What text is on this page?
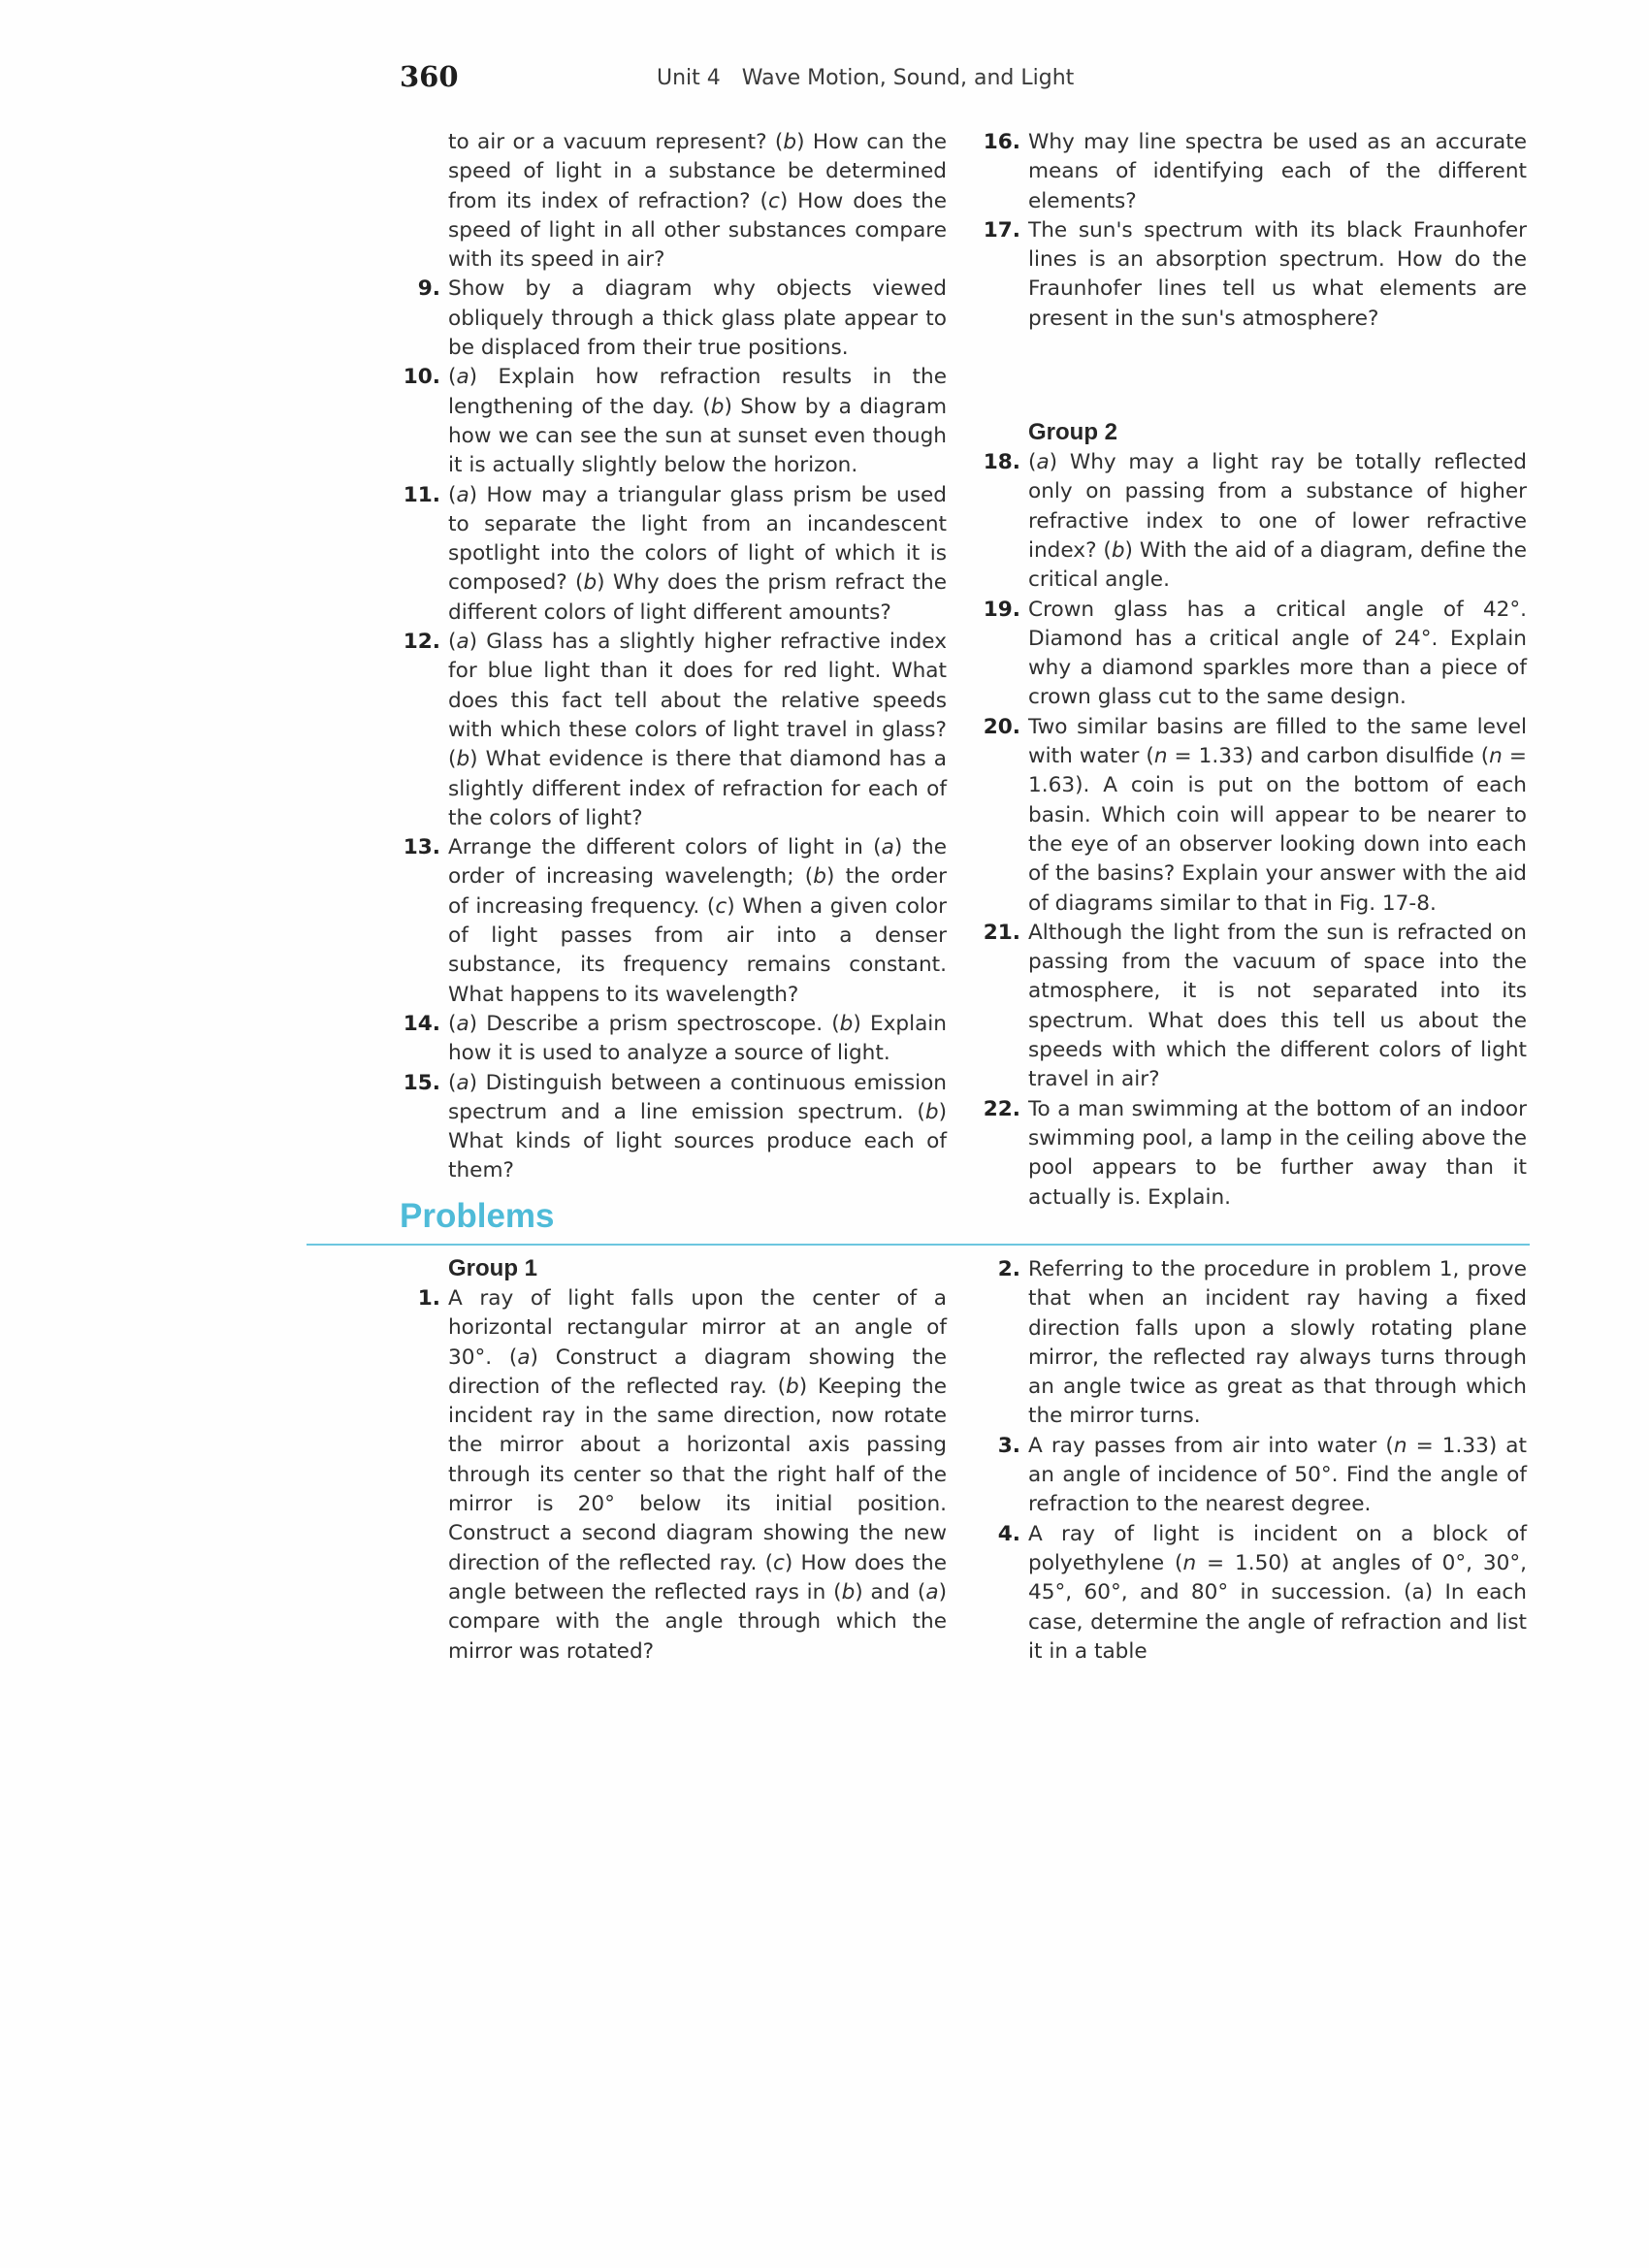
360	Unit 4 Wave Motion, Sound, and Light
to air or a vacuum represent? (b) How can the speed of light in a substance be determined from its index of refraction? (c) How does the speed of light in all other substances compare with its speed in air?
9. Show by a diagram why objects viewed obliquely through a thick glass plate appear to be displaced from their true positions.
10. (a) Explain how refraction results in the lengthening of the day. (b) Show by a diagram how we can see the sun at sunset even though it is actually slightly below the horizon.
11. (a) How may a triangular glass prism be used to separate the light from an incandescent spotlight into the colors of light of which it is composed? (b) Why does the prism refract the different colors of light different amounts?
12. (a) Glass has a slightly higher refractive index for blue light than it does for red light. What does this fact tell about the relative speeds with which these colors of light travel in glass? (b) What evidence is there that diamond has a slightly different index of refraction for each of the colors of light?
13. Arrange the different colors of light in (a) the order of increasing wavelength; (b) the order of increasing frequency. (c) When a given color of light passes from air into a denser substance, its frequency remains constant. What happens to its wavelength?
14. (a) Describe a prism spectroscope. (b) Explain how it is used to analyze a source of light.
15. (a) Distinguish between a continuous emission spectrum and a line emission spectrum. (b) What kinds of light sources produce each of them?
16. Why may line spectra be used as an accurate means of identifying each of the different elements?
17. The sun's spectrum with its black Fraunhofer lines is an absorption spectrum. How do the Fraunhofer lines tell us what elements are present in the sun's atmosphere?
Group 2
18. (a) Why may a light ray be totally reflected only on passing from a substance of higher refractive index to one of lower refractive index? (b) With the aid of a diagram, define the critical angle.
19. Crown glass has a critical angle of 42°. Diamond has a critical angle of 24°. Explain why a diamond sparkles more than a piece of crown glass cut to the same design.
20. Two similar basins are filled to the same level with water (n = 1.33) and carbon disulfide (n = 1.63). A coin is put on the bottom of each basin. Which coin will appear to be nearer to the eye of an observer looking down into each of the basins? Explain your answer with the aid of diagrams similar to that in Fig. 17-8.
21. Although the light from the sun is refracted on passing from the vacuum of space into the atmosphere, it is not separated into its spectrum. What does this tell us about the speeds with which the different colors of light travel in air?
22. To a man swimming at the bottom of an indoor swimming pool, a lamp in the ceiling above the pool appears to be further away than it actually is. Explain.
Problems
Group 1
1. A ray of light falls upon the center of a horizontal rectangular mirror at an angle of 30°. (a) Construct a diagram showing the direction of the reflected ray. (b) Keeping the incident ray in the same direction, now rotate the mirror about a horizontal axis passing through its center so that the right half of the mirror is 20° below its initial position. Construct a second diagram showing the new direction of the reflected ray. (c) How does the angle between the reflected rays in (b) and (a) compare with the angle through which the mirror was rotated?
2. Referring to the procedure in problem 1, prove that when an incident ray having a fixed direction falls upon a slowly rotating plane mirror, the reflected ray always turns through an angle twice as great as that through which the mirror turns.
3. A ray passes from air into water (n = 1.33) at an angle of incidence of 50°. Find the angle of refraction to the nearest degree.
4. A ray of light is incident on a block of polyethylene (n = 1.50) at angles of 0°, 30°, 45°, 60°, and 80° in succession. (a) In each case, determine the angle of refraction and list it in a table
